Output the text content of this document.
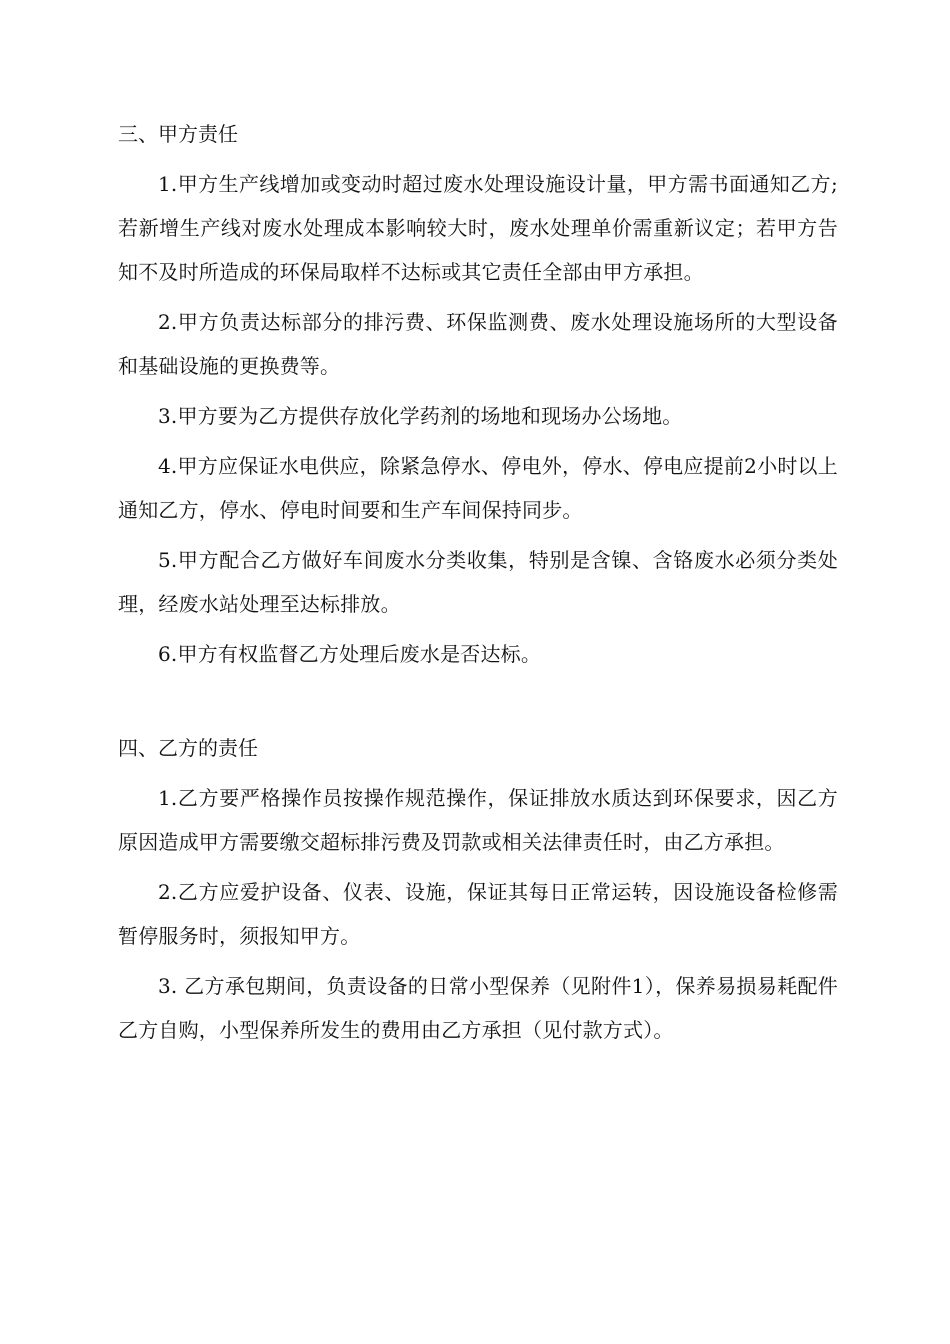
三、甲方责任

1.甲方生产线增加或变动时超过废水处理设施设计量，甲方需书面通知乙方;若新增生产线对废水处理成本影响较大时，废水处理单价需重新议定；若甲方告知不及时所造成的环保局取样不达标或其它责任全部由甲方承担。

2.甲方负责达标部分的排污费、环保监测费、废水处理设施场所的大型设备和基础设施的更换费等。

3.甲方要为乙方提供存放化学药剂的场地和现场办公场地。

4.甲方应保证水电供应，除紧急停水、停电外，停水、停电应提前2小时以上通知乙方，停水、停电时间要和生产车间保持同步。

5.甲方配合乙方做好车间废水分类收集，特别是含镍、含铬废水必须分类处理，经废水站处理至达标排放。

6.甲方有权监督乙方处理后废水是否达标。

四、乙方的责任

1.乙方要严格操作员按操作规范操作，保证排放水质达到环保要求，因乙方原因造成甲方需要缴交超标排污费及罚款或相关法律责任时，由乙方承担。

2.乙方应爱护设备、仪表、设施，保证其每日正常运转，因设施设备检修需暂停服务时，须报知甲方。

3. 乙方承包期间，负责设备的日常小型保养（见附件1），保养易损易耗配件乙方自购，小型保养所发生的费用由乙方承担（见付款方式）。
